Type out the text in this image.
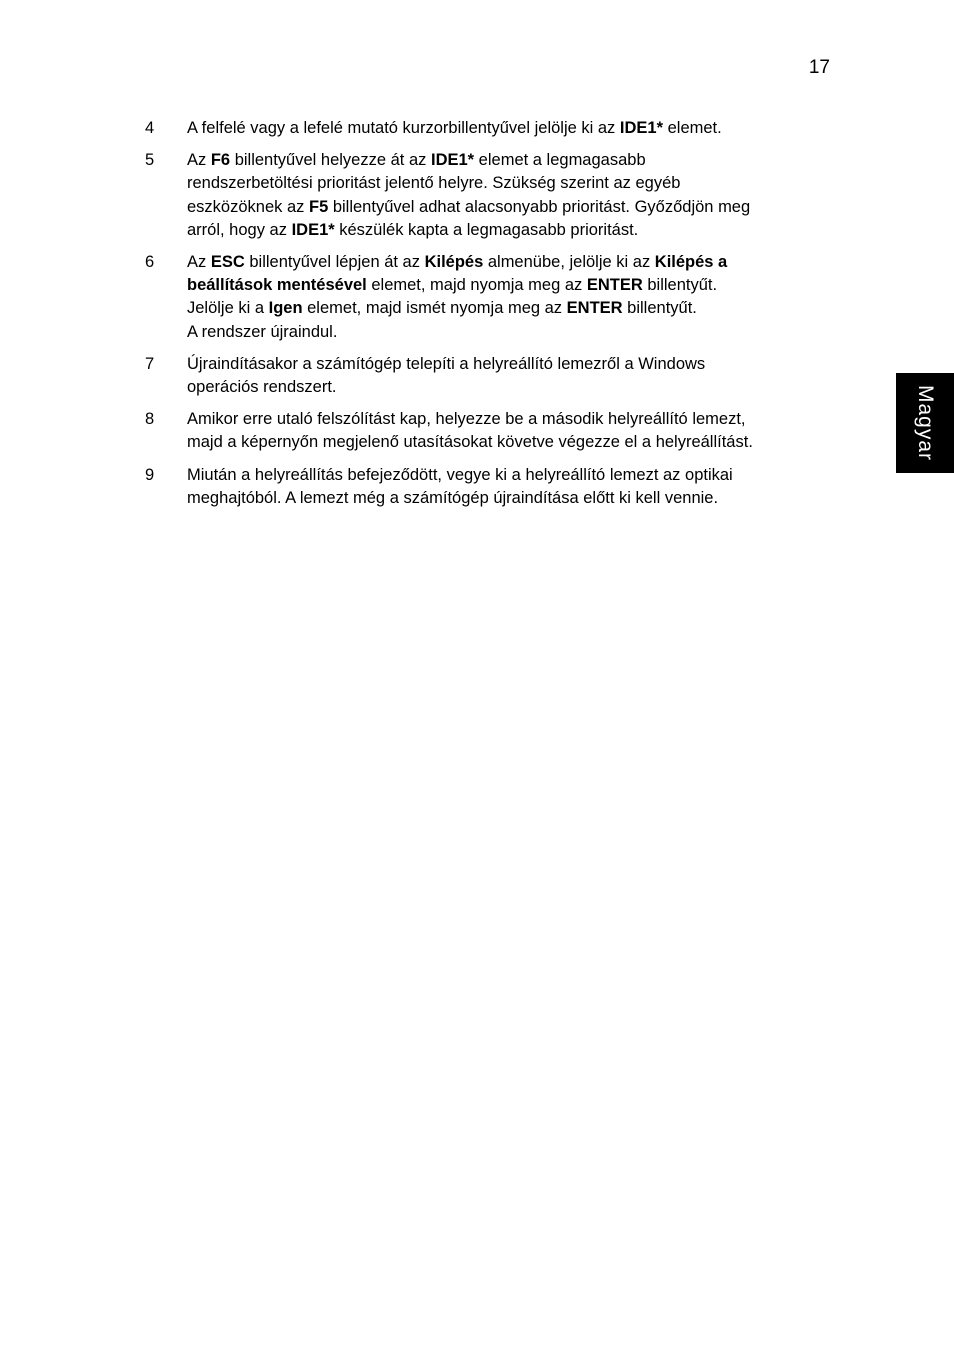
17
Magyar
4 A felfelé vagy a lefelé mutató kurzorbillentyűvel jelölje ki az IDE1* elemet.
5 Az F6 billentyűvel helyezze át az IDE1* elemet a legmagasabb
rendszerbetöltési prioritást jelentő helyre. Szükség szerint az egyéb
eszközöknek az F5 billentyűvel adhat alacsonyabb prioritást. Győződjön meg
arról, hogy az IDE1* készülék kapta a legmagasabb prioritást.
6 Az ESC billentyűvel lépjen át az Kilépés almenübe, jelölje ki az Kilépés a
beállítások mentésével elemet, majd nyomja meg az ENTER billentyűt.
Jelölje ki a Igen elemet, majd ismét nyomja meg az ENTER billentyűt.
A rendszer újraindul.
7 Újraindításakor a számítógép telepíti a helyreállító lemezről a Windows
operációs rendszert.
8 Amikor erre utaló felszólítást kap, helyezze be a második helyreállító lemezt,
majd a képernyőn megjelenő utasításokat követve végezze el a helyreállítást.
9 Miután a helyreállítás befejeződött, vegye ki a helyreállító lemezt az optikai
meghajtóból. A lemezt még a számítógép újraindítása előtt ki kell vennie.
